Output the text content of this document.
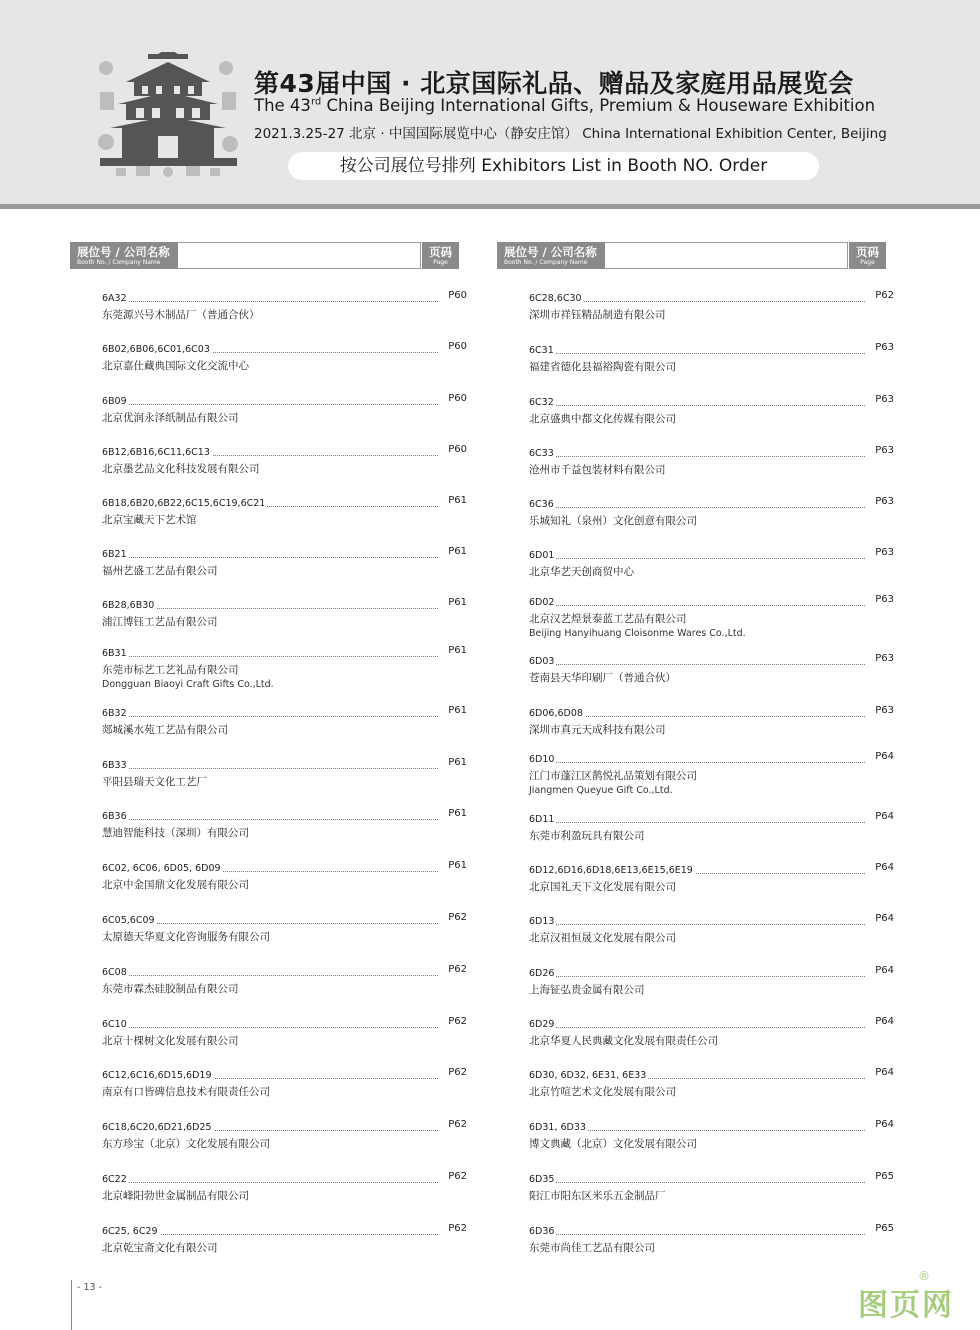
第43届中国 · 北京国际礼品、赠品及家庭用品展览会
The 43rd China Beijing International Gifts, Premium & Houseware Exhibition
2021.3.25-27 北京 · 中国国际展览中心（静安庄馆） China International Exhibition Center, Beijing
按公司展位号排列 Exhibitors List in Booth NO. Order
展位号 / 公司名称
Booth No. / Company Name
页码
Page
展位号 / 公司名称
Booth No. / Company Name
页码
Page
6A32	P60
东莞源兴号木制品厂（普通合伙）
6B02,6B06,6C01,6C03	P60
北京嘉仕藏典国际文化交流中心
6B09	P60
北京优润永泽纸制品有限公司
6B12,6B16,6C11,6C13	P60
北京墨艺品文化科技发展有限公司
6B18,6B20,6B22,6C15,6C19,6C21	P61
北京宝藏天下艺术馆
6B21	P61
福州艺盛工艺品有限公司
6B28,6B30	P61
浦江博钰工艺品有限公司
6B31	P61
东莞市标艺工艺礼品有限公司
Dongguan Biaoyi Craft Gifts Co.,Ltd.
6B32	P61
郯城溪水苑工艺品有限公司
6B33	P61
平阳县瑞天文化工艺厂
6B36	P61
慧迪智能科技（深圳）有限公司
6C02, 6C06, 6D05, 6D09	P61
北京中金国鼎文化发展有限公司
6C05,6C09	P62
太原德天华夏文化咨询服务有限公司
6C08	P62
东莞市霖杰硅胶制品有限公司
6C10	P62
北京十棵树文化发展有限公司
6C12,6C16,6D15,6D19	P62
南京有口皆碑信息技术有限责任公司
6C18,6C20,6D21,6D25	P62
东方珍宝（北京）文化发展有限公司
6C22	P62
北京峰阳勃世金属制品有限公司
6C25, 6C29	P62
北京乾宝斋文化有限公司
6C28,6C30	P62
深圳市祥钰精品制造有限公司
6C31	P63
福建省德化县福裕陶瓷有限公司
6C32	P63
北京盛典中都文化传媒有限公司
6C33	P63
沧州市千益包装材料有限公司
6C36	P63
乐城知礼（泉州）文化创意有限公司
6D01	P63
北京华艺天创商贸中心
6D02	P63
北京汉艺煌景泰蓝工艺品有限公司
Beijing Hanyihuang Cloisonme Wares Co.,Ltd.
6D03	P63
苍南县天华印刷厂（普通合伙）
6D06,6D08	P63
深圳市真元天成科技有限公司
6D10	P64
江门市蓬江区鹊悦礼品策划有限公司
Jiangmen Queyue Gift Co.,Ltd.
6D11	P64
东莞市利盈玩具有限公司
6D12,6D16,6D18,6E13,6E15,6E19	P64
北京国礼天下文化发展有限公司
6D13	P64
北京汉祖恒晟文化发展有限公司
6D26	P64
上海钲弘贵金属有限公司
6D29	P64
北京华夏人民典藏文化发展有限责任公司
6D30, 6D32, 6E31, 6E33	P64
北京竹喧艺术文化发展有限公司
6D31, 6D33	P64
博文典藏（北京）文化发展有限公司
6D35	P65
阳江市阳东区米乐五金制品厂
6D36	P65
东莞市尚佳工艺品有限公司
- 13 -
图页网
®
